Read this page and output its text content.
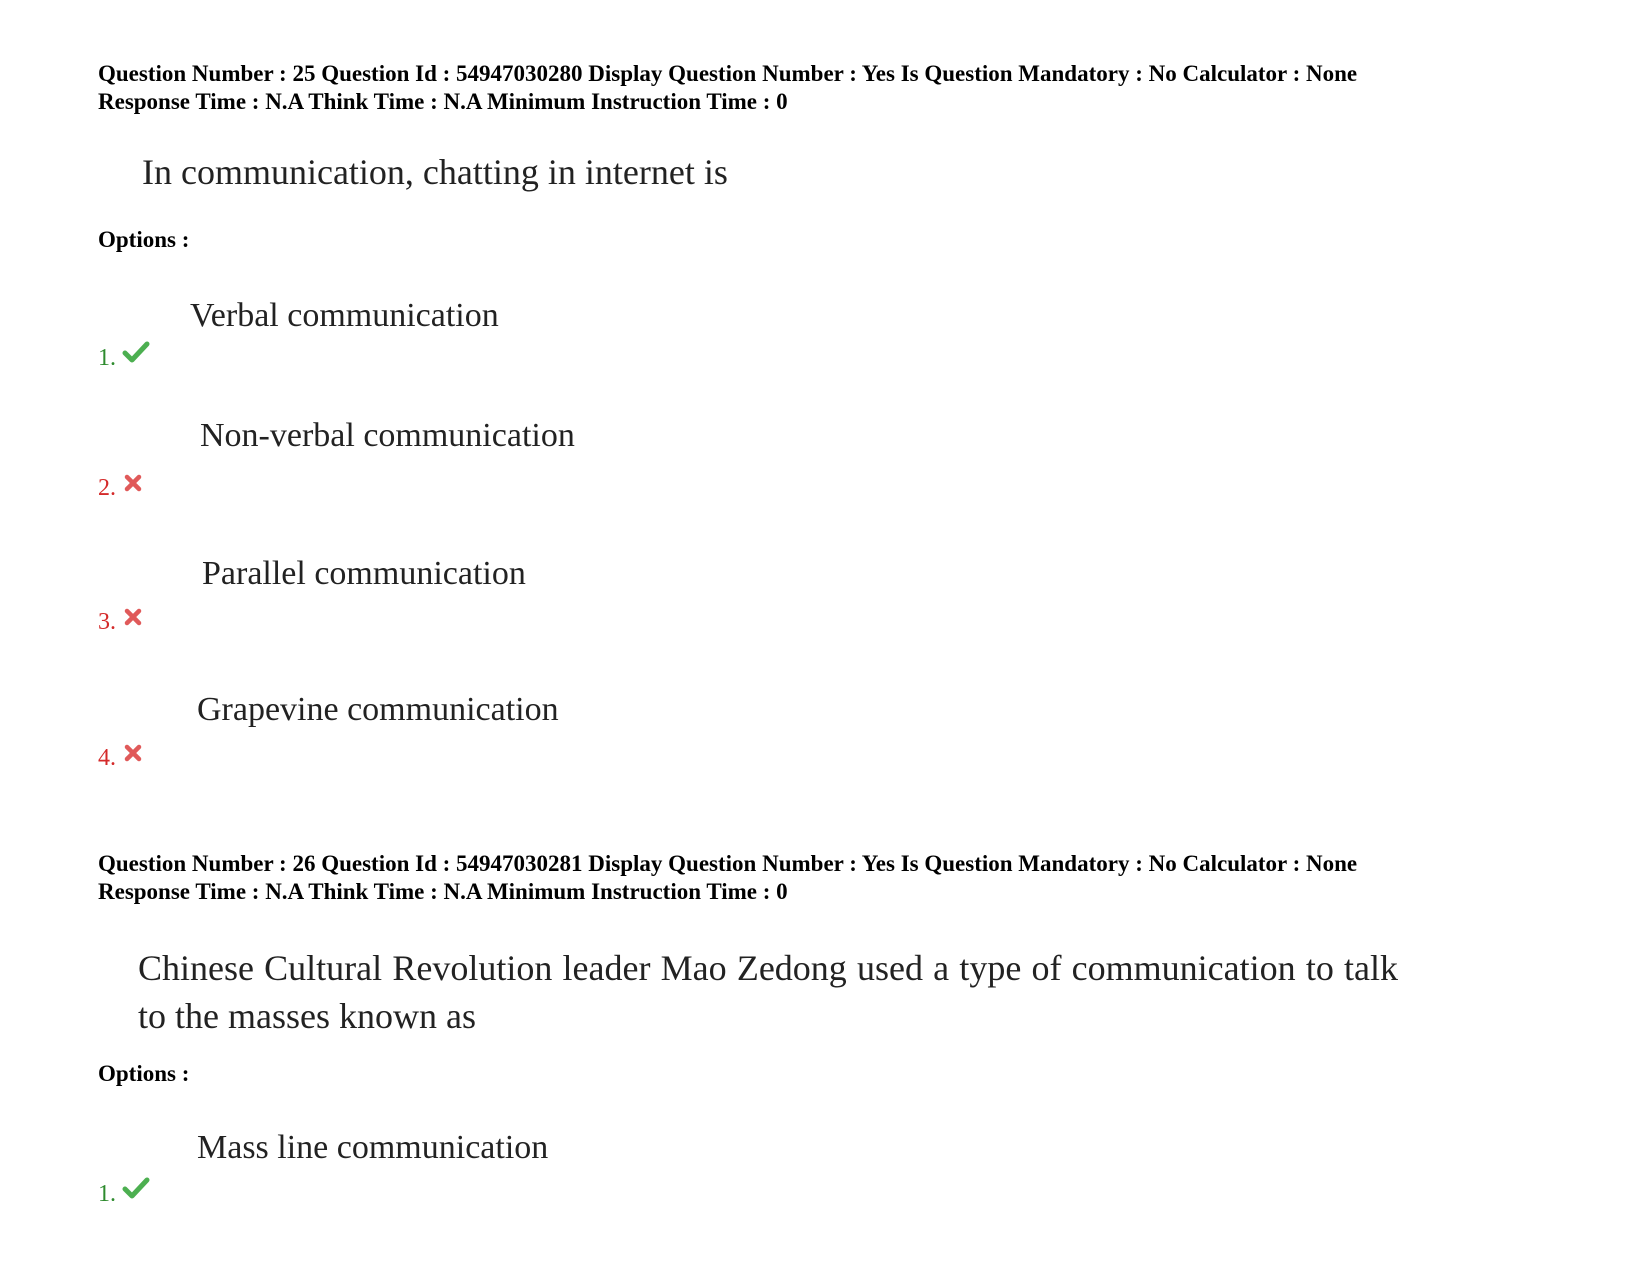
Question Number : 25 Question Id : 54947030280 Display Question Number : Yes Is Question Mandatory : No Calculator : None
Response Time : N.A Think Time : N.A Minimum Instruction Time : 0
In communication, chatting in internet is
Options :
Verbal communication
1.
Non-verbal communication
2.
Parallel communication
3.
Grapevine communication
4.
Question Number : 26 Question Id : 54947030281 Display Question Number : Yes Is Question Mandatory : No Calculator : None
Response Time : N.A Think Time : N.A Minimum Instruction Time : 0
Chinese Cultural Revolution leader Mao Zedong used a type of communication to talk to the masses known as
Options :
Mass line communication
1.
